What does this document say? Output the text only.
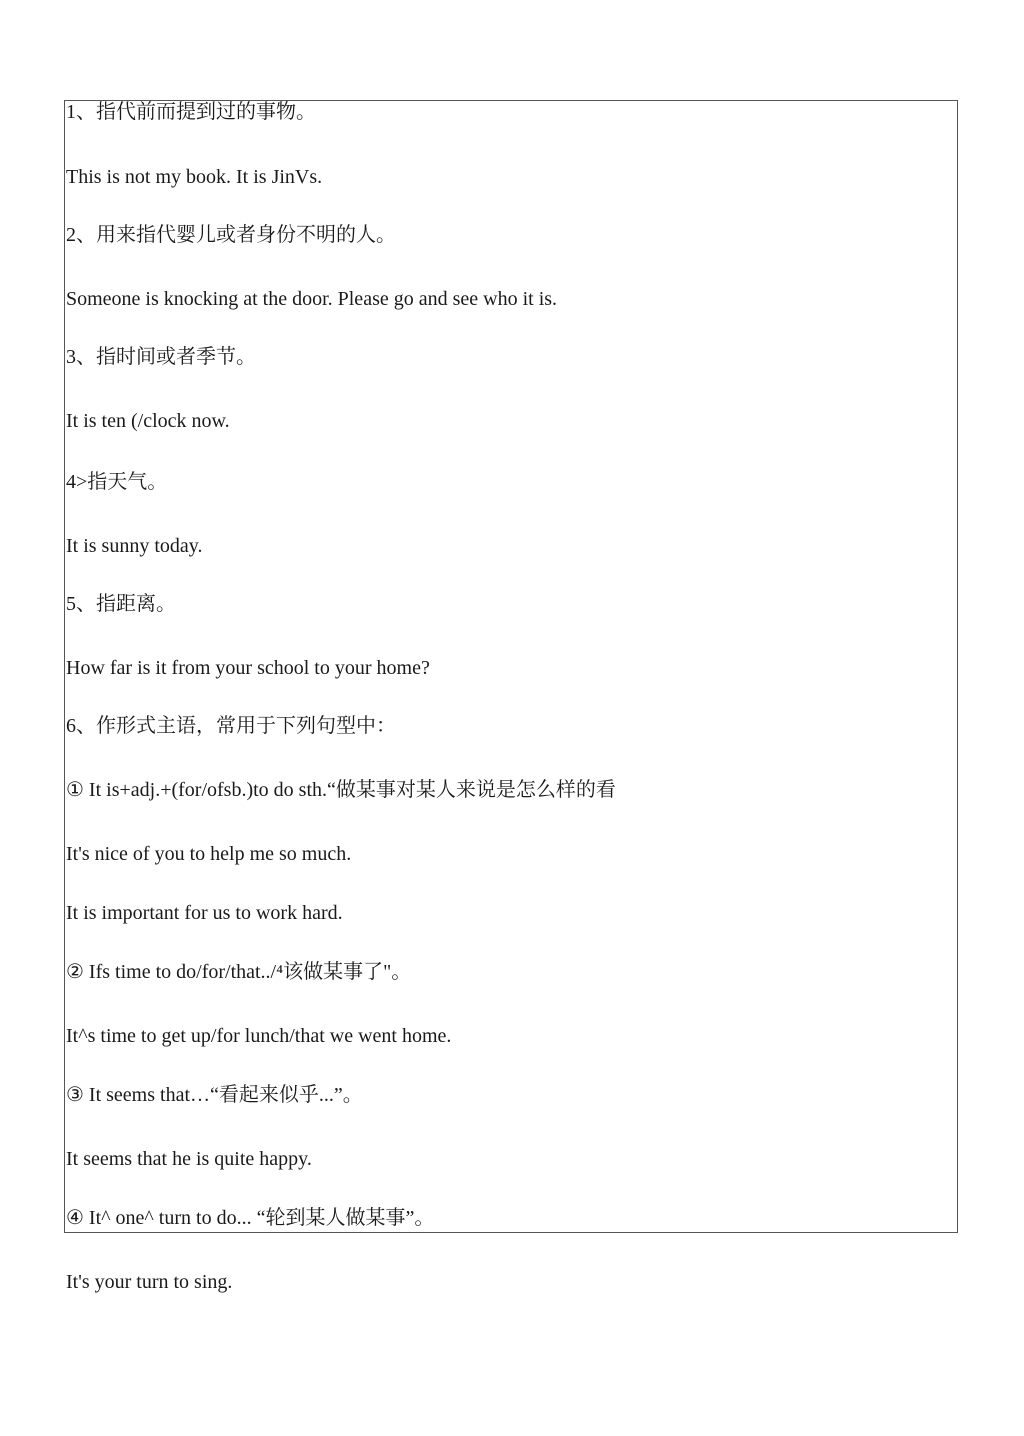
1、指代前而提到过的事物。
This is not my book. It is JinVs.
2、用来指代婴儿或者身份不明的人。
Someone is knocking at the door. Please go and see who it is.
3、指时间或者季节。
It is ten (/clock now.
4>指天气。
It is sunny today.
5、指距离。
How far is it from your school to your home?
6、作形式主语，常用于下列句型中：
① It is+adj.+(for/ofsb.)to do sth.“做某事对某人来说是怎么样的看
It's nice of you to help me so much.
It is important for us to work hard.
② Ifs time to do/for/that../⁴该做某事了"。
It^s time to get up/for lunch/that we went home.
③ It seems that…“看起来似乎...”。
It seems that he is quite happy.
④ It^ one^ turn to do... “轮到某人做某事”。
It's your turn to sing.
